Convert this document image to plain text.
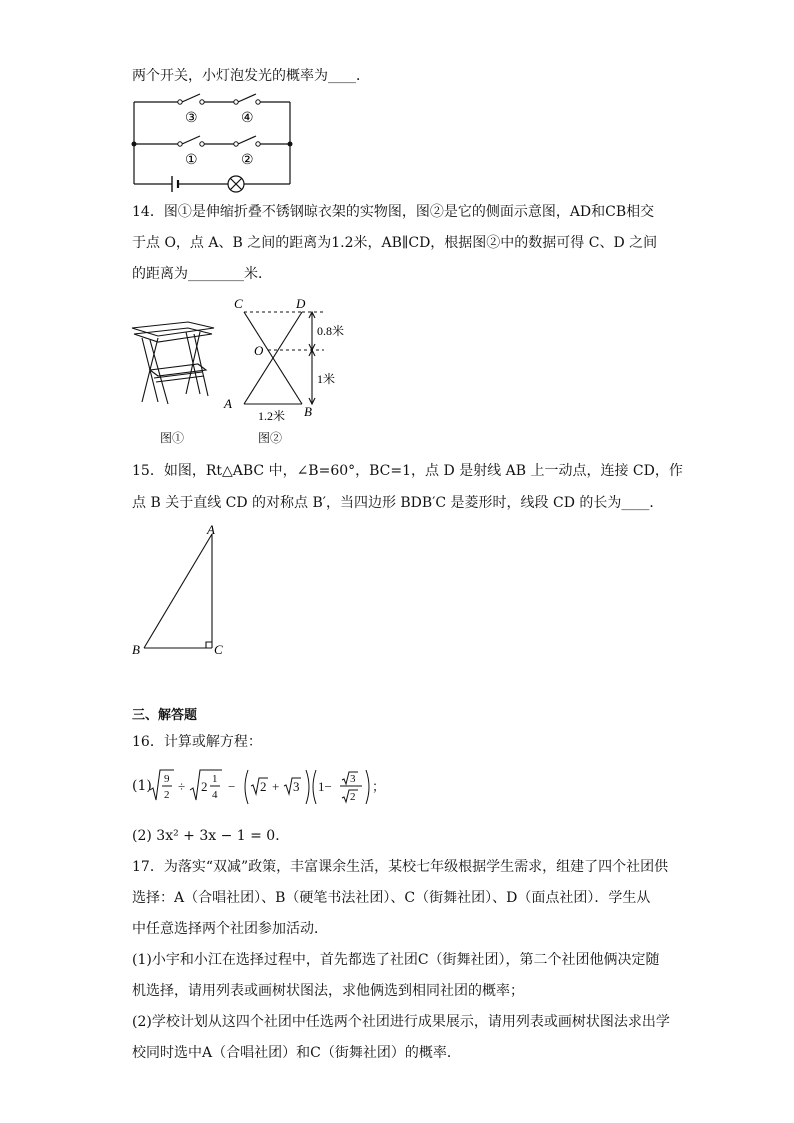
两个开关，小灯泡发光的概率为____．
③	④
①	②
14．图①是伸缩折叠不锈钢晾衣架的实物图，图②是它的侧面示意图，AD和CB相交
于点 O，点 A、B 之间的距离为1.2米，AB∥CD，根据图②中的数据可得 C、D 之间
的距离为________米．
C	D
O
A
B
0.8米
1米
1.2米
图①	图②
15．如图，Rt△ABC 中，∠B=60°，BC=1，点 D 是射线 AB 上一动点，连接 CD，作
点 B 关于直线 CD 的对称点 B′，当四边形 BDB′C 是菱形时，线段 CD 的长为____．
A
B	C
三、解答题
16．计算或解方程：
(1) 9
2
÷ 2 1
4
− 2 + 3 1− 3
2
；
(2) 3x² + 3x − 1 = 0．
17．为落实“双减”政策，丰富课余生活，某校七年级根据学生需求，组建了四个社团供
选择：A（合唱社团）、B（硬笔书法社团）、C（街舞社团）、D（面点社团）．学生从
中任意选择两个社团参加活动．
(1)小宇和小江在选择过程中，首先都选了社团C（街舞社团），第二个社团他俩决定随
机选择，请用列表或画树状图法，求他俩选到相同社团的概率；
(2)学校计划从这四个社团中任选两个社团进行成果展示，请用列表或画树状图法求出学
校同时选中A（合唱社团）和C（街舞社团）的概率．
